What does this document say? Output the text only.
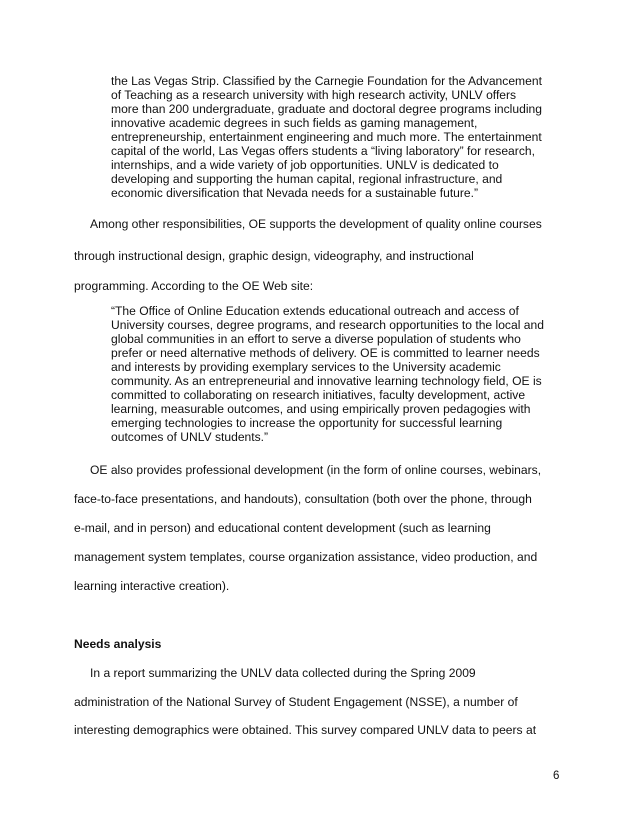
the Las Vegas Strip. Classified by the Carnegie Foundation for the Advancement
of Teaching as a research university with high research activity, UNLV offers
more than 200 undergraduate, graduate and doctoral degree programs including
innovative academic degrees in such fields as gaming management,
entrepreneurship, entertainment engineering and much more. The entertainment
capital of the world, Las Vegas offers students a “living laboratory” for research,
internships, and a wide variety of job opportunities. UNLV is dedicated to
developing and supporting the human capital, regional infrastructure, and
economic diversification that Nevada needs for a sustainable future.”
Among other responsibilities, OE supports the development of quality online courses
through instructional design, graphic design, videography, and instructional
programming. According to the OE Web site:
“The Office of Online Education extends educational outreach and access of
University courses, degree programs, and research opportunities to the local and
global communities in an effort to serve a diverse population of students who
prefer or need alternative methods of delivery. OE is committed to learner needs
and interests by providing exemplary services to the University academic
community. As an entrepreneurial and innovative learning technology field, OE is
committed to collaborating on research initiatives, faculty development, active
learning, measurable outcomes, and using empirically proven pedagogies with
emerging technologies to increase the opportunity for successful learning
outcomes of UNLV students.”
OE also provides professional development (in the form of online courses, webinars,
face-to-face presentations, and handouts), consultation (both over the phone, through
e-mail, and in person) and educational content development (such as learning
management system templates, course organization assistance, video production, and
learning interactive creation).
Needs analysis
In a report summarizing the UNLV data collected during the Spring 2009
administration of the National Survey of Student Engagement (NSSE), a number of
interesting demographics were obtained. This survey compared UNLV data to peers at
6
